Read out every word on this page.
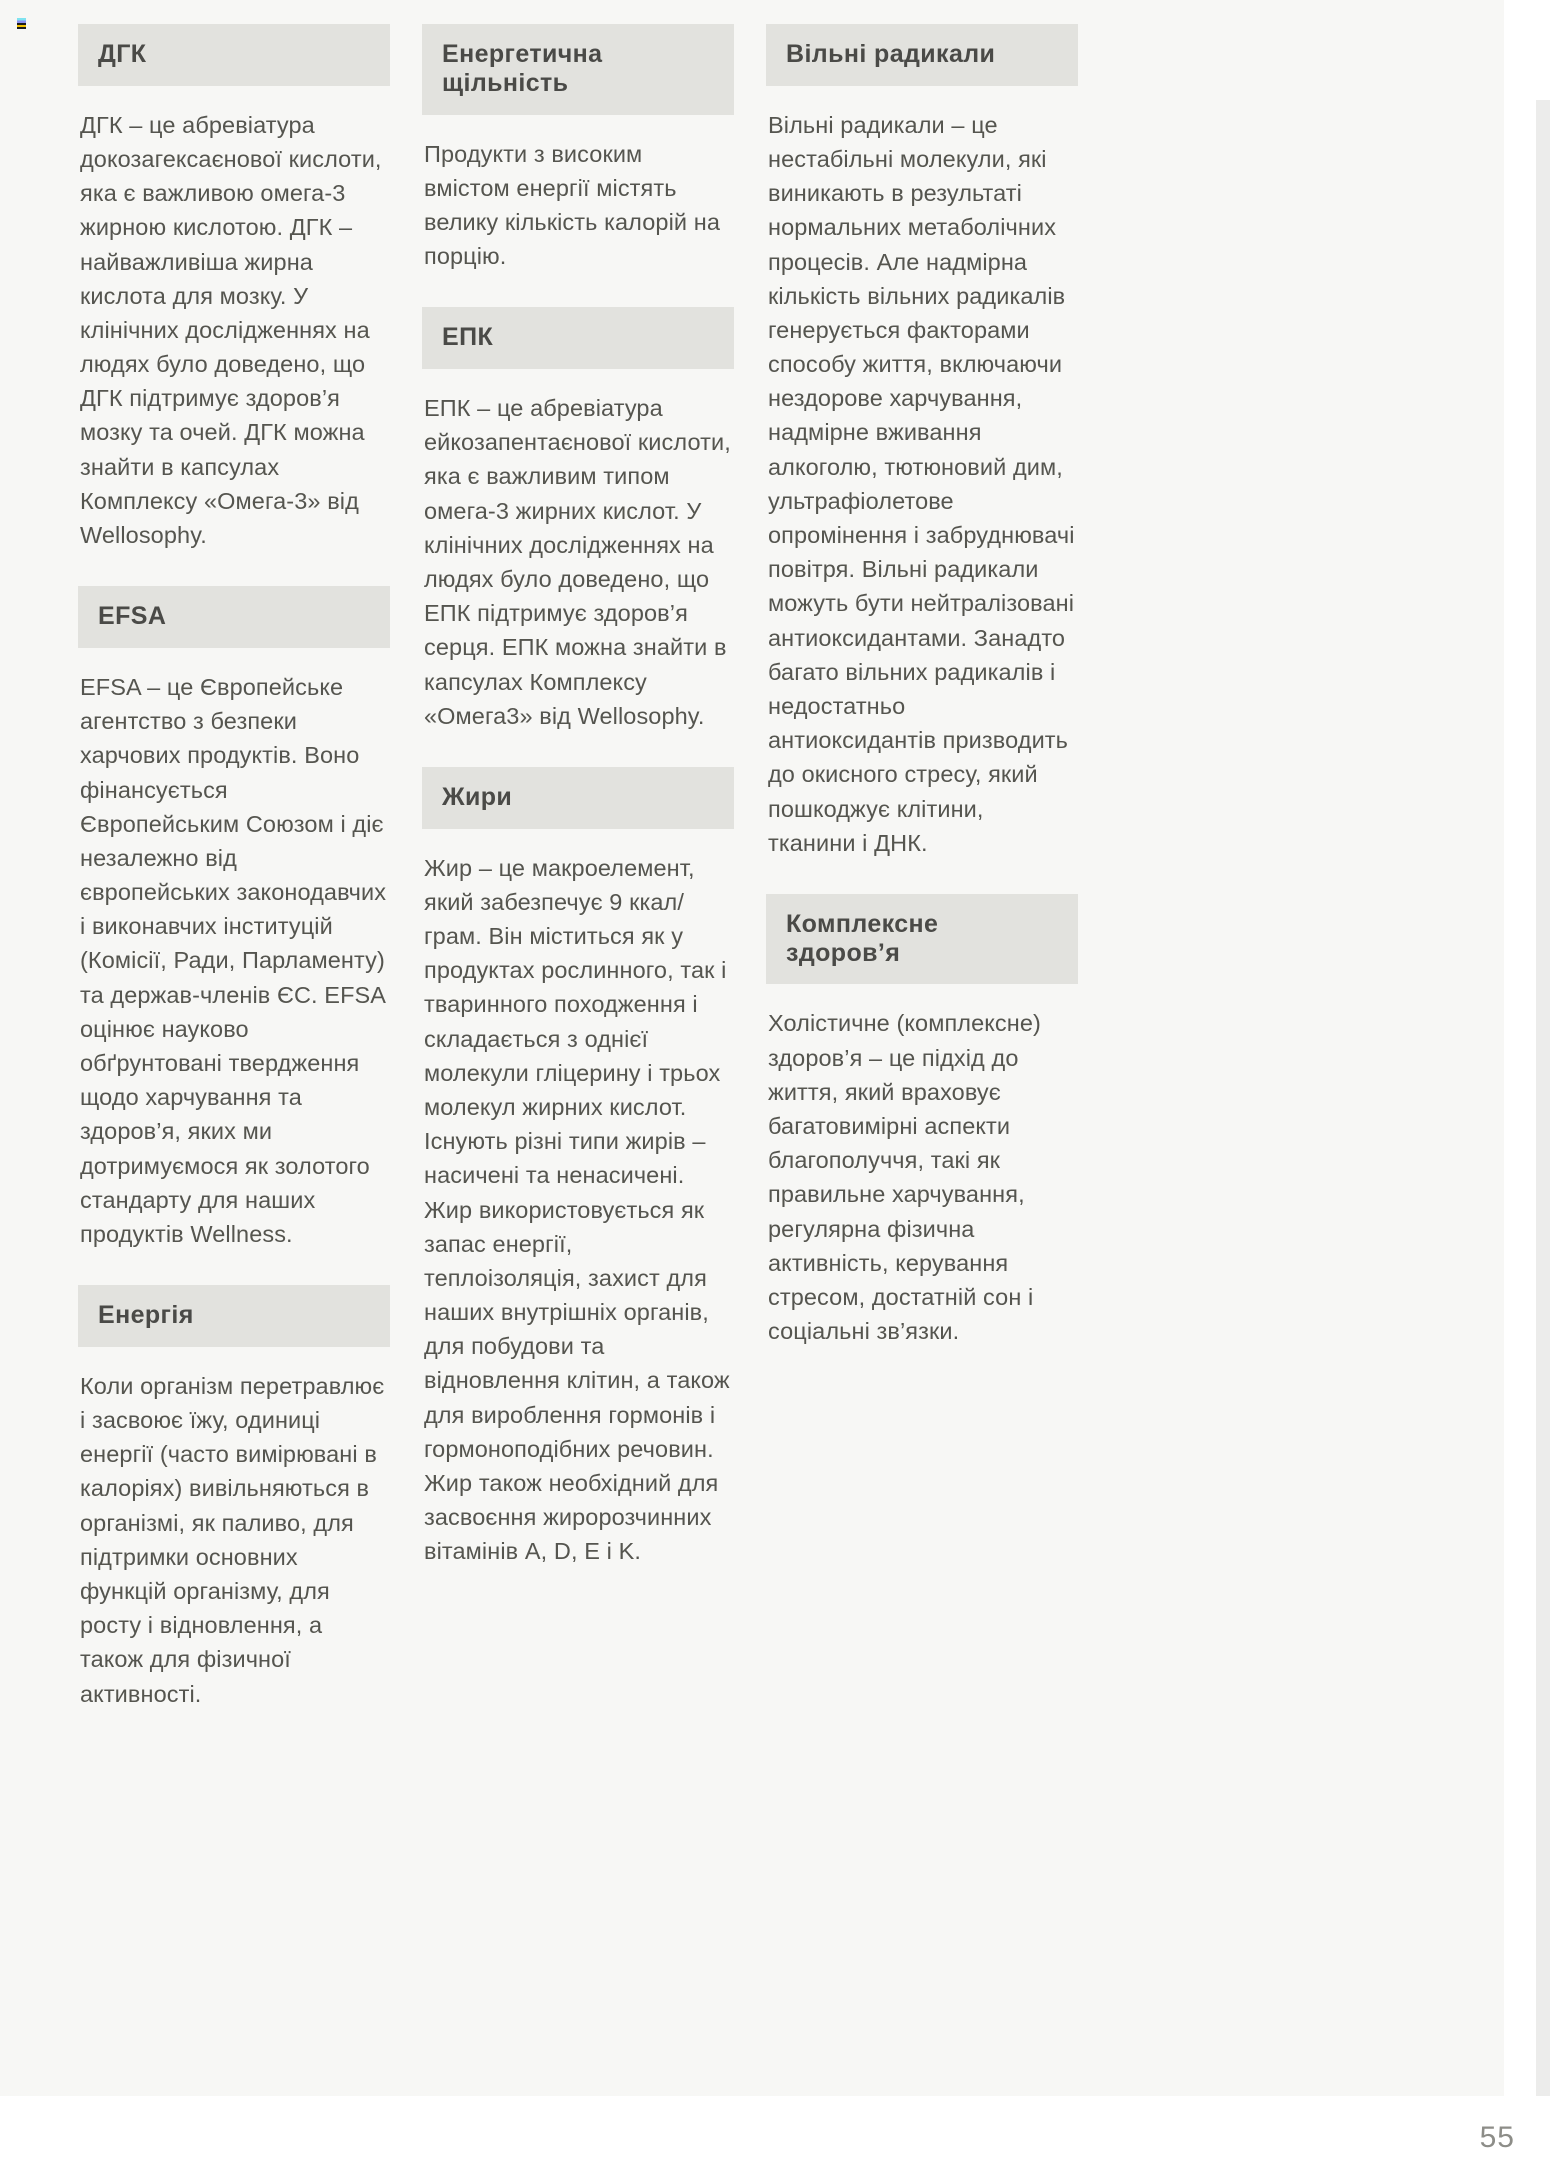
ДГК
ДГК – це абревіатура докозагексаєнової кислоти, яка є важливою омега-3 жирною кислотою. ДГК – найважливіша жирна кислота для мозку. У клінічних дослідженнях на людях було доведено, що ДГК підтримує здоров’я мозку та очей. ДГК можна знайти в капсулах Комплексу «Омега-3» від Wellosophy.
EFSA
EFSA – це Європейське агентство з безпеки харчових продуктів. Воно фінансується Європейським Союзом і діє незалежно від європейських законодавчих і виконавчих інституцій (Комісії, Ради, Парламенту) та держав-членів ЄС. EFSA оцінює науково обґрунтовані твердження щодо харчування та здоров’я, яких ми дотримуємося як золотого стандарту для наших продуктів Wellness.
Енергія
Коли організм перетравлює і засвоює їжу, одиниці енергії (часто вимірювані в калоріях) вивільняються в організмі, як паливо, для підтримки основних функцій організму, для росту і відновлення, а також для фізичної активності.
Енергетична щільність
Продукти з високим вмістом енергії містять велику кількість калорій на порцію.
ЕПК
ЕПК – це абревіатура ейкозапентаєнової кислоти, яка є важливим типом омега-3 жирних кислот. У клінічних дослідженнях на людях було доведено, що ЕПК підтримує здоров’я серця. ЕПК можна знайти в капсулах Комплексу «Омега3» від Wellosophy.
Жири
Жир – це макроелемент, який забезпечує 9 ккал/грам. Він міститься як у продуктах рослинного, так і тваринного походження і складається з однієї молекули гліцерину і трьох молекул жирних кислот. Існують різні типи жирів – насичені та ненасичені. Жир використовується як запас енергії, теплоізоляція, захист для наших внутрішніх органів, для побудови та відновлення клітин, а також для вироблення гормонів і гормоноподібних речовин. Жир також необхідний для засвоєння жиророзчинних вітамінів A, D, E і K.
Вільні радикали
Вільні радикали – це нестабільні молекули, які виникають в результаті нормальних метаболічних процесів. Але надмірна кількість вільних радикалів генерується факторами способу життя, включаючи нездорове харчування, надмірне вживання алкоголю, тютюновий дим, ультрафіолетове опромінення і забруднювачі повітря. Вільні радикали можуть бути нейтралізовані антиоксидантами. Занадто багато вільних радикалів і недостатньо антиоксидантів призводить до окисного стресу, який пошкоджує клітини, тканини і ДНК.
Комплексне здоров’я
Холістичне (комплексне) здоров’я – це підхід до життя, який враховує багатовимірні аспекти благополуччя, такі як правильне харчування, регулярна фізична активність, керування стресом, достатній сон і соціальні зв’язки.
55
